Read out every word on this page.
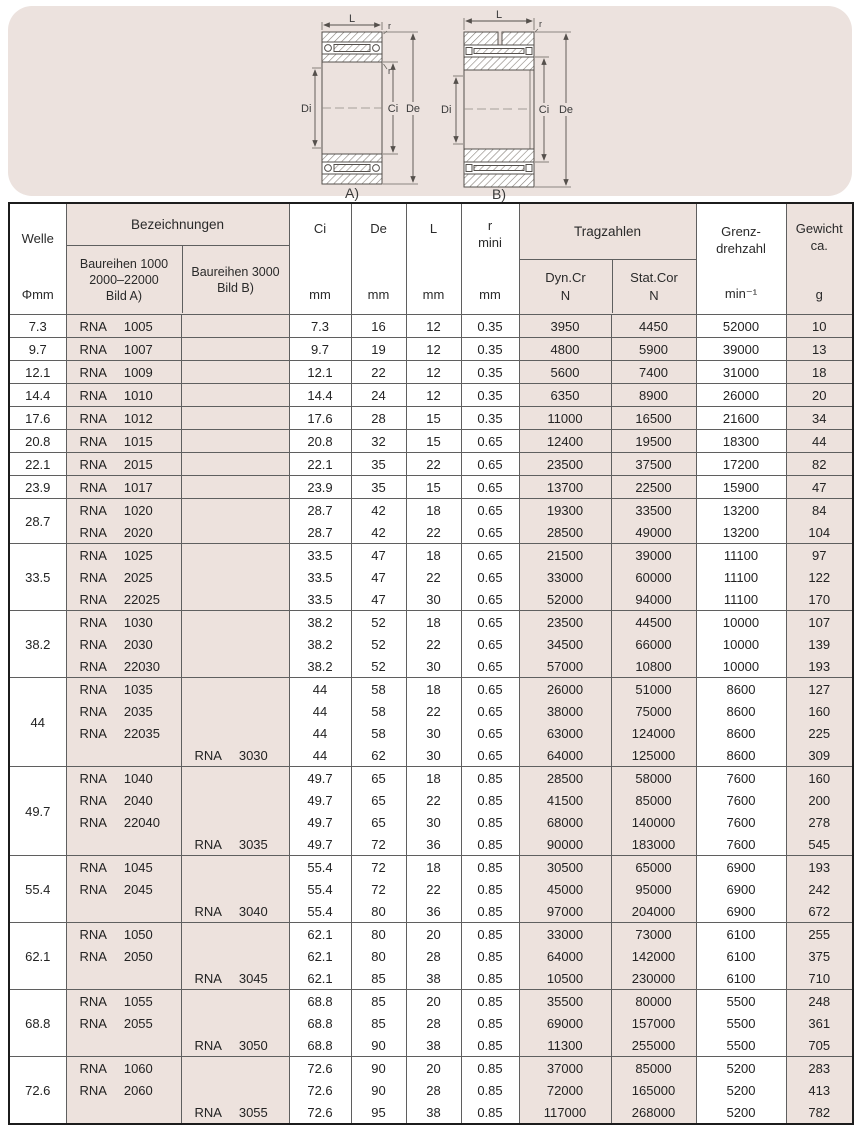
L
r
r
Di	Ci De
A)
L
r
Di	Ci De
B)
Welle
Φmm

Bezeichnungen
Baureihen 1000
2000–22000
Bild A)
Baureihen 3000
Bild B)

Ci
mm

De
mm

L
mm

r
mini
mm

Tragzahlen
Dyn.Cr
N
Stat.Cor
N

Grenz-
drehzahl
min⁻¹

Gewicht
ca.
g

7.3	RNA 1005		7.3	16	12	0.35	3950	4450	52000	10
9.7	RNA 1007		9.7	19	12	0.35	4800	5900	39000	13
12.1	RNA 1009		12.1	22	12	0.35	5600	7400	31000	18
14.4	RNA 1010		14.4	24	12	0.35	6350	8900	26000	20
17.6	RNA 1012		17.6	28	15	0.35	11000	16500	21600	34
20.8	RNA 1015		20.8	32	15	0.65	12400	19500	18300	44
22.1	RNA 2015		22.1	35	22	0.65	23500	37500	17200	82
23.9	RNA 1017		23.9	35	15	0.65	13700	22500	15900	47
28.7	RNA 1020		28.7	42	18	0.65	19300	33500	13200	84
	RNA 2020		28.7	42	22	0.65	28500	49000	13200	104
33.5	RNA 1025		33.5	47	18	0.65	21500	39000	11100	97
	RNA 2025		33.5	47	22	0.65	33000	60000	11100	122
	RNA 22025		33.5	47	30	0.65	52000	94000	11100	170
38.2	RNA 1030		38.2	52	18	0.65	23500	44500	10000	107
	RNA 2030		38.2	52	22	0.65	34500	66000	10000	139
	RNA 22030		38.2	52	30	0.65	57000	10800	10000	193
44	RNA 1035		44	58	18	0.65	26000	51000	8600	127
	RNA 2035		44	58	22	0.65	38000	75000	8600	160
	RNA 22035		44	58	30	0.65	63000	124000	8600	225
		RNA 3030	44	62	30	0.65	64000	125000	8600	309
49.7	RNA 1040		49.7	65	18	0.85	28500	58000	7600	160
	RNA 2040		49.7	65	22	0.85	41500	85000	7600	200
	RNA 22040		49.7	65	30	0.85	68000	140000	7600	278
		RNA 3035	49.7	72	36	0.85	90000	183000	7600	545
55.4	RNA 1045		55.4	72	18	0.85	30500	65000	6900	193
	RNA 2045		55.4	72	22	0.85	45000	95000	6900	242
		RNA 3040	55.4	80	36	0.85	97000	204000	6900	672
62.1	RNA 1050		62.1	80	20	0.85	33000	73000	6100	255
	RNA 2050		62.1	80	28	0.85	64000	142000	6100	375
		RNA 3045	62.1	85	38	0.85	10500	230000	6100	710
68.8	RNA 1055		68.8	85	20	0.85	35500	80000	5500	248
	RNA 2055		68.8	85	28	0.85	69000	157000	5500	361
		RNA 3050	68.8	90	38	0.85	11300	255000	5500	705
72.6	RNA 1060		72.6	90	20	0.85	37000	85000	5200	283
	RNA 2060		72.6	90	28	0.85	72000	165000	5200	413
		RNA 3055	72.6	95	38	0.85	117000	268000	5200	782
